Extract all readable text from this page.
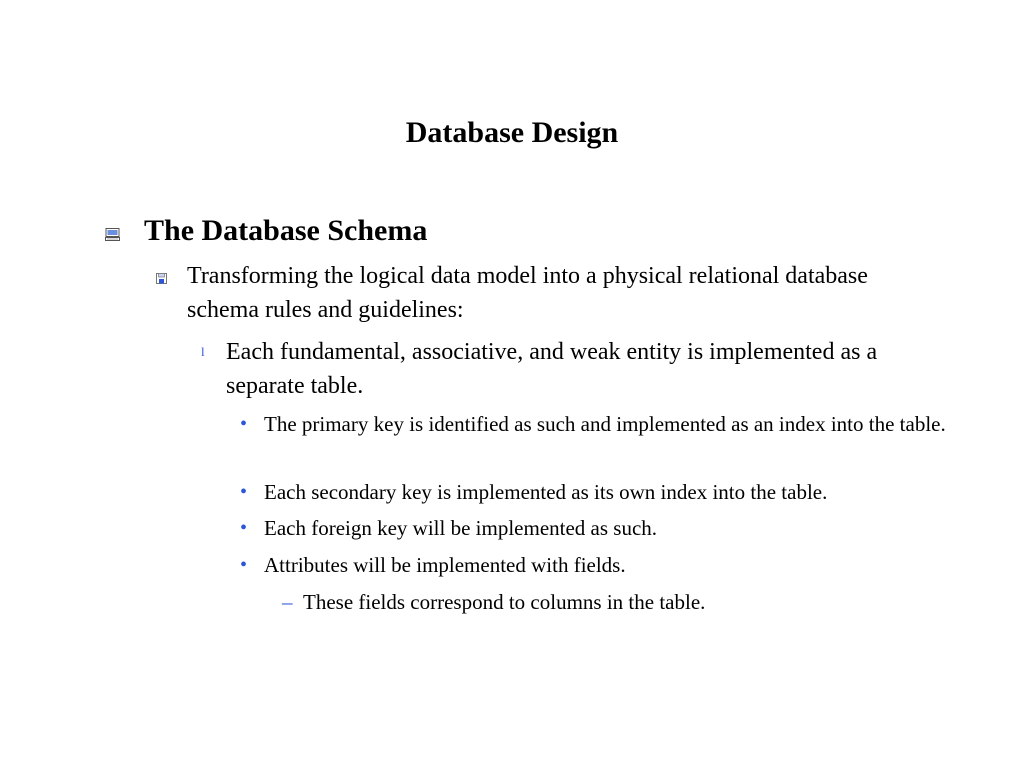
Database Design
The Database Schema
Transforming the logical data model into a physical relational database schema rules and guidelines:
l Each fundamental, associative, and weak entity is implemented as a separate table.
• The primary key is identified as such and implemented as an index into the table.
• Each secondary key is implemented as its own index into the table.
• Each foreign key will be implemented as such.
• Attributes will be implemented with fields.
– These fields correspond to columns in the table.
